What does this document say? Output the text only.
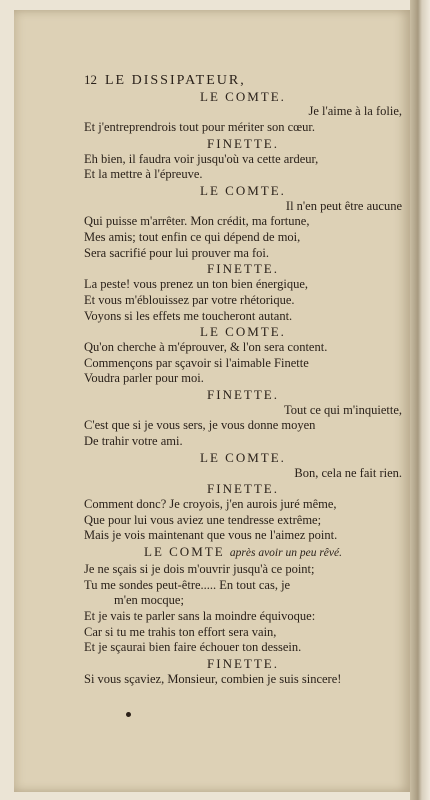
12 LE DISSIPATEUR,
LE COMTE.
Je l'aime à la folie,
Et j'entreprendrois tout pour mériter son cœur.
FINETTE.
Eh bien, il faudra voir jusqu'où va cette ardeur,
Et la mettre à l'épreuve.
LE COMTE.
Il n'en peut être aucune
Qui puisse m'arrêter. Mon crédit, ma fortune,
Mes amis; tout enfin ce qui dépend de moi,
Sera sacrifié pour lui prouver ma foi.
FINETTE.
La peste! vous prenez un ton bien énergique,
Et vous m'éblouissez par votre rhétorique.
Voyons si les effets me toucheront autant.
LE COMTE.
Qu'on cherche à m'éprouver, & l'on sera content.
Commençons par sçavoir si l'aimable Finette
Voudra parler pour moi.
FINETTE.
Tout ce qui m'inquiette,
C'est que si je vous sers, je vous donne moyen
De trahir votre ami.
LE COMTE.
Bon, cela ne fait rien.
FINETTE.
Comment donc? Je croyois, j'en aurois juré même,
Que pour lui vous aviez une tendresse extrême;
Mais je vois maintenant que vous ne l'aimez point.
LE COMTE après avoir un peu rêvé.
Je ne sçais si je dois m'ouvrir jusqu'à ce point;
Tu me sondes peut-être..... En tout cas, je
m'en mocque;
Et je vais te parler sans la moindre équivoque:
Car si tu me trahis ton effort sera vain,
Et je sçaurai bien faire échouer ton dessein.
FINETTE.
Si vous sçaviez, Monsieur, combien je suis sincere!
